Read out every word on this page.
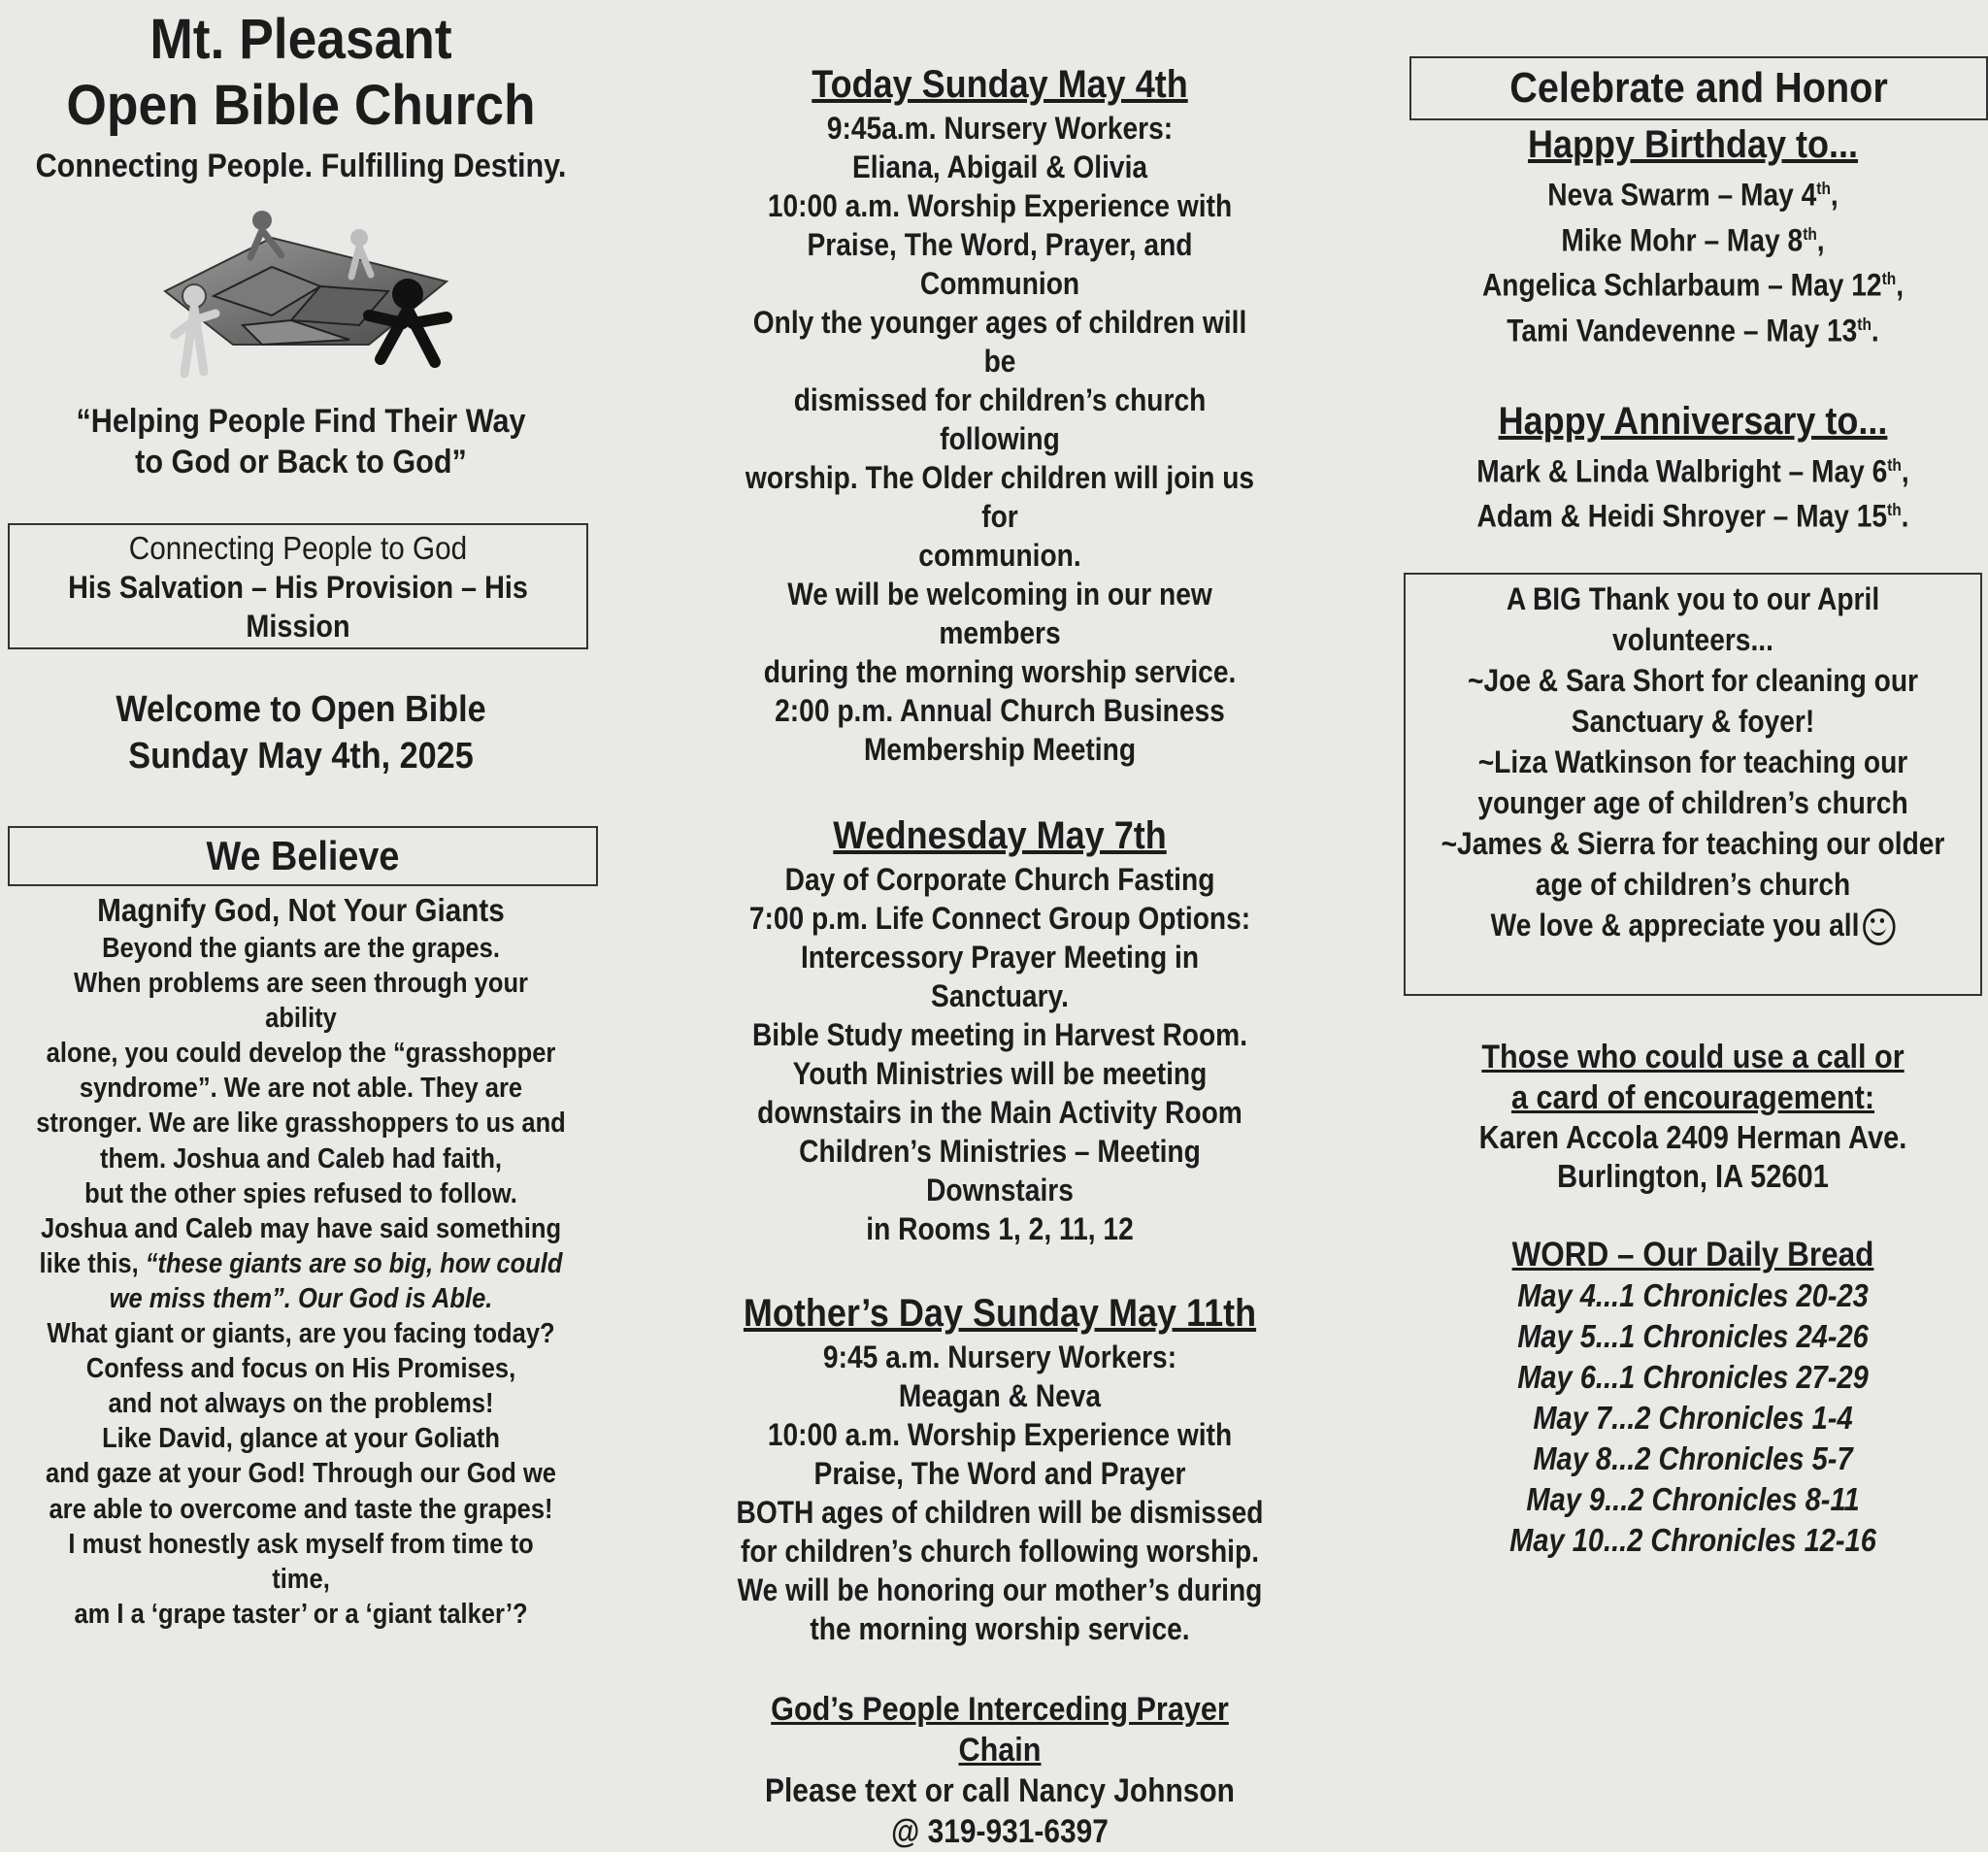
Mt. Pleasant
Open Bible Church
Connecting People. Fulfilling Destiny.
“Helping People Find Their Way
to God or Back to God”
Connecting People to God
His Salvation – His Provision – His Mission
Welcome to Open Bible
Sunday May 4th, 2025
We Believe
Magnify God, Not Your Giants
Beyond the giants are the grapes.
When problems are seen through your ability
alone, you could develop the “grasshopper
syndrome”. We are not able. They are
stronger. We are like grasshoppers to us and
them. Joshua and Caleb had faith,
but the other spies refused to follow.
Joshua and Caleb may have said something
like this, “these giants are so big, how could
we miss them”. Our God is Able.
What giant or giants, are you facing today?
Confess and focus on His Promises,
and not always on the problems!
Like David, glance at your Goliath
and gaze at your God! Through our God we
are able to overcome and taste the grapes!
I must honestly ask myself from time to time,
am I a ‘grape taster’ or a ‘giant talker’?
Today Sunday May 4th
9:45a.m. Nursery Workers:
Eliana, Abigail & Olivia
10:00 a.m. Worship Experience with
Praise, The Word, Prayer, and Communion
Only the younger ages of children will be
dismissed for children’s church following
worship. The Older children will join us for
communion.
We will be welcoming in our new members
during the morning worship service.
2:00 p.m. Annual Church Business
Membership Meeting
Wednesday May 7th
Day of Corporate Church Fasting
7:00 p.m. Life Connect Group Options:
Intercessory Prayer Meeting in Sanctuary.
Bible Study meeting in Harvest Room.
Youth Ministries will be meeting
downstairs in the Main Activity Room
Children’s Ministries – Meeting Downstairs
in Rooms 1, 2, 11, 12
Mother’s Day Sunday May 11th
9:45 a.m. Nursery Workers:
Meagan & Neva
10:00 a.m. Worship Experience with
Praise, The Word and Prayer
BOTH ages of children will be dismissed
for children’s church following worship.
We will be honoring our mother’s during
the morning worship service.
God’s People Interceding Prayer Chain
Please text or call Nancy Johnson
@ 319-931-6397
Celebrate and Honor
Happy Birthday to...
Neva Swarm – May 4th,
Mike Mohr – May 8th,
Angelica Schlarbaum – May 12th,
Tami Vandevenne – May 13th.
Happy Anniversary to...
Mark & Linda Walbright – May 6th,
Adam & Heidi Shroyer – May 15th.
A BIG Thank you to our April
volunteers...
~Joe & Sara Short for cleaning our
Sanctuary & foyer!
~Liza Watkinson for teaching our
younger age of children’s church
~James & Sierra for teaching our older
age of children’s church
We love & appreciate you all
Those who could use a call or
a card of encouragement:
Karen Accola 2409 Herman Ave.
Burlington, IA 52601
WORD – Our Daily Bread
May 4...1 Chronicles 20-23
May 5...1 Chronicles 24-26
May 6...1 Chronicles 27-29
May 7...2 Chronicles 1-4
May 8...2 Chronicles 5-7
May 9...2 Chronicles 8-11
May 10...2 Chronicles 12-16
